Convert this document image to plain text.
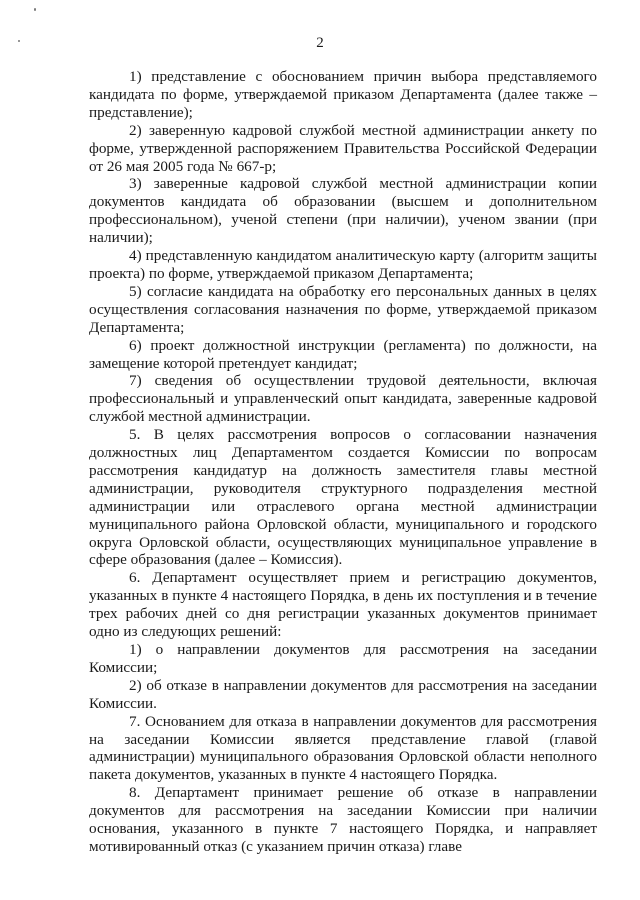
2

1) представление с обоснованием причин выбора представляемого кандидата по форме, утверждаемой приказом Департамента (далее также – представление);

2) заверенную кадровой службой местной администрации анкету по форме, утвержденной распоряжением Правительства Российской Федерации от 26 мая 2005 года № 667-р;

3) заверенные кадровой службой местной администрации копии документов кандидата об образовании (высшем и дополнительном профессиональном), ученой степени (при наличии), ученом звании (при наличии);

4) представленную кандидатом аналитическую карту (алгоритм защиты проекта) по форме, утверждаемой приказом Департамента;

5) согласие кандидата на обработку его персональных данных в целях осуществления согласования назначения по форме, утверждаемой приказом Департамента;

6) проект должностной инструкции (регламента) по должности, на замещение которой претендует кандидат;

7) сведения об осуществлении трудовой деятельности, включая профессиональный и управленческий опыт кандидата, заверенные кадровой службой местной администрации.

5. В целях рассмотрения вопросов о согласовании назначения должностных лиц Департаментом создается Комиссии по вопросам рассмотрения кандидатур на должность заместителя главы местной администрации, руководителя структурного подразделения местной администрации или отраслевого органа местной администрации муниципального района Орловской области, муниципального и городского округа Орловской области, осуществляющих муниципальное управление в сфере образования (далее – Комиссия).

6. Департамент осуществляет прием и регистрацию документов, указанных в пункте 4 настоящего Порядка, в день их поступления и в течение трех рабочих дней со дня регистрации указанных документов принимает одно из следующих решений:

1) о направлении документов для рассмотрения на заседании Комиссии;

2) об отказе в направлении документов для рассмотрения на заседании Комиссии.

7. Основанием для отказа в направлении документов для рассмотрения на заседании Комиссии является представление главой (главой администрации) муниципального образования Орловской области неполного пакета документов, указанных в пункте 4 настоящего Порядка.

8. Департамент принимает решение об отказе в направлении документов для рассмотрения на заседании Комиссии при наличии основания, указанного в пункте 7 настоящего Порядка, и направляет мотивированный отказ (с указанием причин отказа) главе
